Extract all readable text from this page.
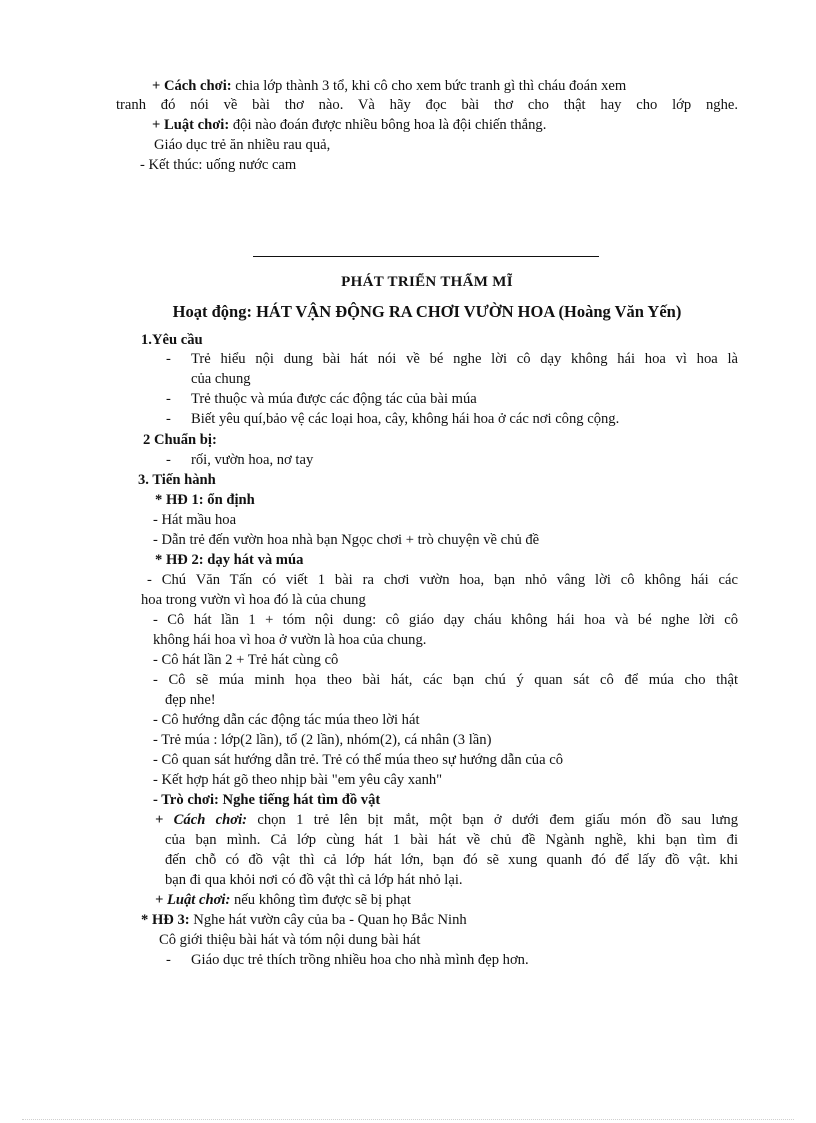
+ Cách chơi: chia lớp thành 3 tổ, khi cô cho xem bức tranh gì thì cháu đoán xem
tranh đó nói về bài thơ nào. Và hãy đọc bài thơ cho thật hay cho lớp nghe.
+ Luật chơi: đội nào đoán được nhiều bông hoa là đội chiến thắng.
Giáo dục trẻ ăn nhiều rau quả,
- Kết thúc: uống nước cam
PHÁT TRIỂN THẨM MĨ
Hoạt động: HÁT VẬN ĐỘNG RA CHƠI VƯỜN HOA (Hoàng Văn Yến)
1.Yêu cầu
- Trẻ hiểu nội dung bài hát nói về bé nghe lời cô dạy không hái hoa vì hoa là
của chung
- Trẻ thuộc và múa được các động tác của bài múa
- Biết yêu quí,bảo vệ các loại hoa, cây, không hái hoa ở các nơi công cộng.
2 Chuẩn bị:
- rối, vườn hoa, nơ tay
3. Tiến hành
* HĐ 1: ổn định
- Hát mầu hoa
- Dẫn trẻ đến vườn hoa nhà bạn Ngọc chơi + trò chuyện về chủ đề
* HĐ 2: dạy hát và múa
- Chú Văn Tấn có viết 1 bài ra chơi vườn hoa, bạn nhỏ vâng lời cô không hái các
hoa trong vườn vì hoa đó là của chung
- Cô hát lần 1 + tóm nội dung: cô giáo dạy cháu không hái hoa và bé nghe lời cô
không hái hoa vì hoa ở vườn là hoa của chung.
- Cô hát lần 2 + Trẻ hát cùng cô
- Cô sẽ múa minh họa theo bài hát, các bạn chú ý quan sát cô để múa cho thật
đẹp nhe!
- Cô hướng dẫn các động tác múa theo lời hát
- Trẻ múa : lớp(2 lần), tổ (2 lần), nhóm(2), cá nhân (3 lần)
- Cô quan sát hướng dẫn trẻ. Trẻ có thể múa theo sự hướng dẫn của cô
- Kết hợp hát gõ theo nhịp bài "em yêu cây xanh"
- Trò chơi: Nghe tiếng hát tìm đồ vật
+ Cách chơi: chọn 1 trẻ lên bịt mắt, một bạn ở dưới đem giấu món đồ sau lưng
của bạn mình. Cả lớp cùng hát 1 bài hát về chủ đề Ngành nghề, khi bạn tìm đi
đến chỗ có đồ vật thì cả lớp hát lớn, bạn đó sẽ xung quanh đó để lấy đồ vật. khi
bạn đi qua khỏi nơi có đồ vật thì cả lớp hát nhỏ lại.
+ Luật chơi: nếu không tìm được sẽ bị phạt
* HĐ 3: Nghe hát vườn cây của ba - Quan họ Bắc Ninh
Cô giới thiệu bài hát và tóm nội dung bài hát
- Giáo dục trẻ thích trồng nhiều hoa cho nhà mình đẹp hơn.
